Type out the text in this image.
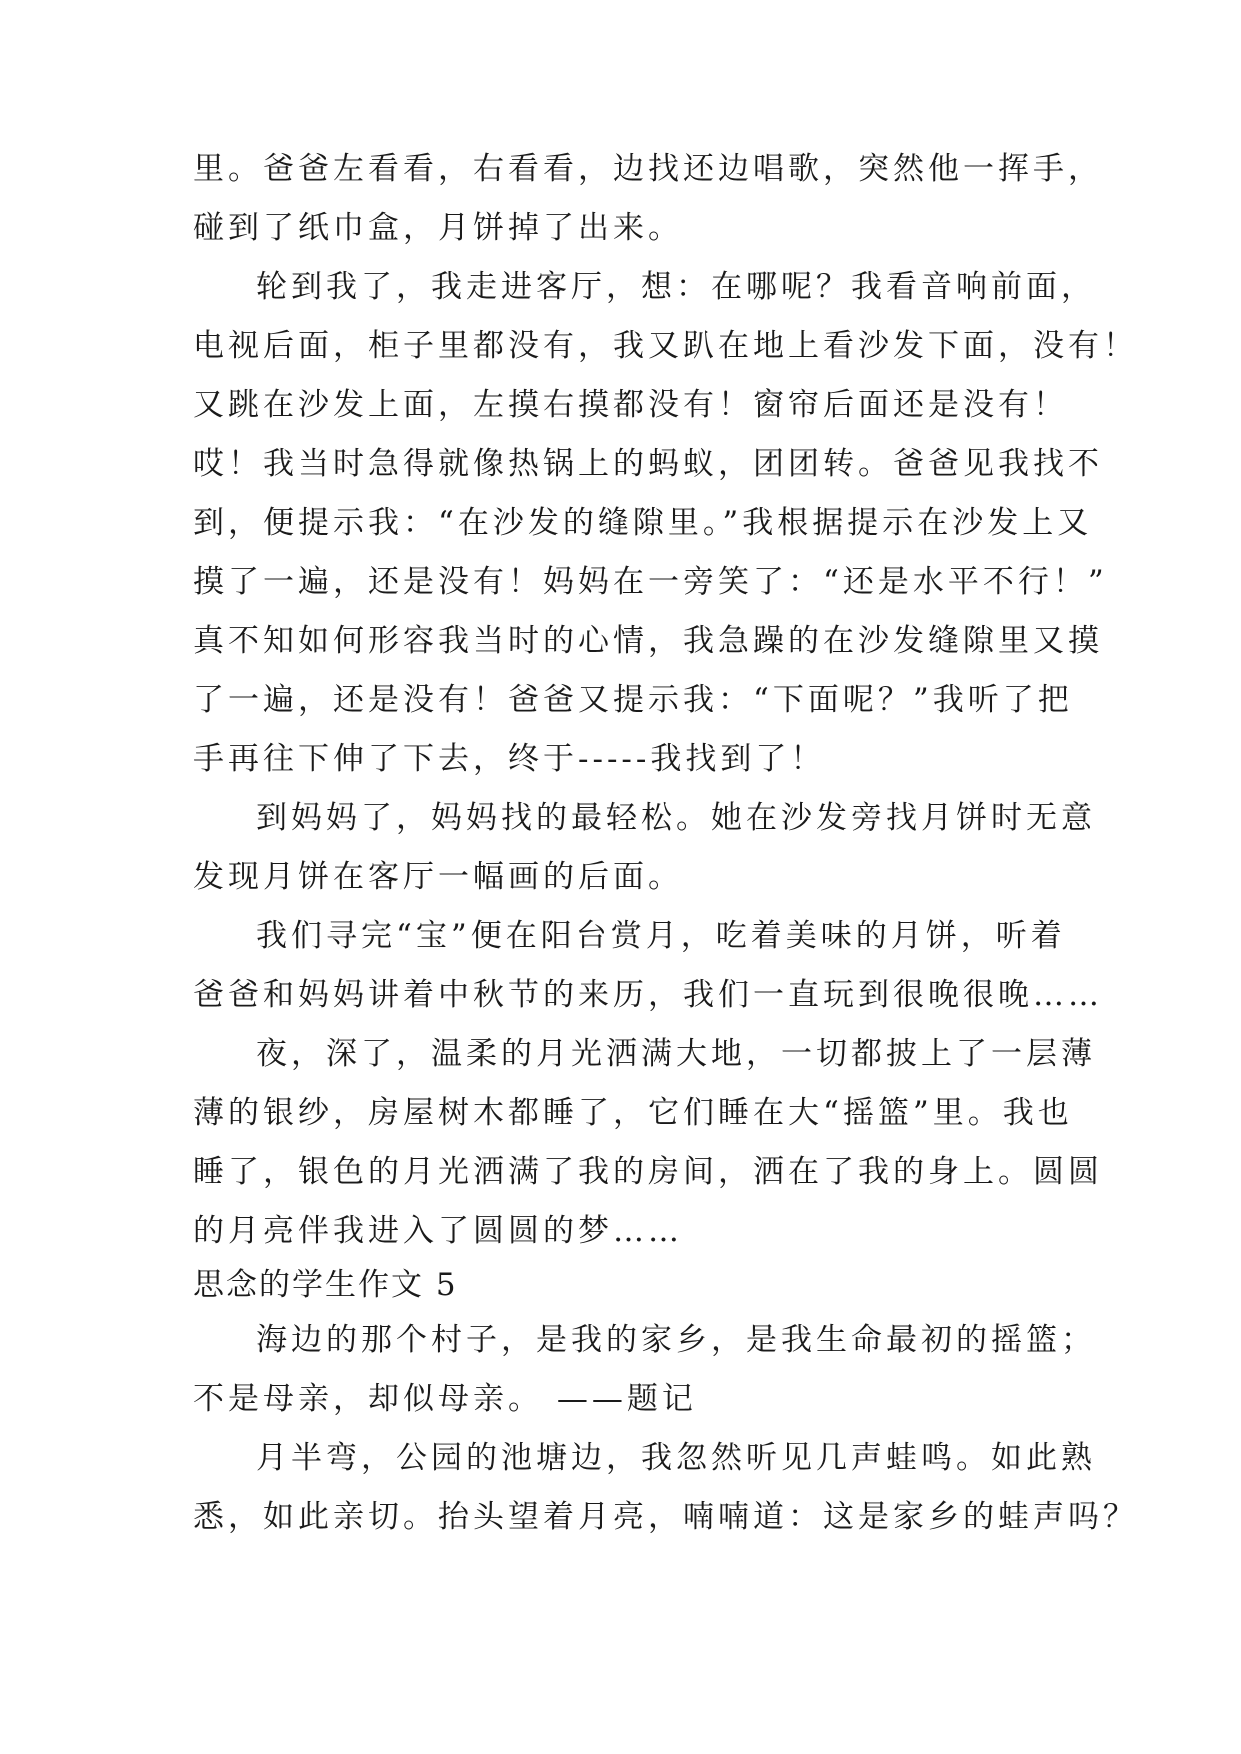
里。爸爸左看看，右看看，边找还边唱歌，突然他一挥手，
碰到了纸巾盒，月饼掉了出来。
轮到我了，我走进客厅，想：在哪呢？我看音响前面，
电视后面，柜子里都没有，我又趴在地上看沙发下面，没有！
又跳在沙发上面，左摸右摸都没有！窗帘后面还是没有！
哎！我当时急得就像热锅上的蚂蚁，团团转。爸爸见我找不
到，便提示我：“在沙发的缝隙里。”我根据提示在沙发上又
摸了一遍，还是没有！妈妈在一旁笑了：“还是水平不行！”
真不知如何形容我当时的心情，我急躁的在沙发缝隙里又摸
了一遍，还是没有！爸爸又提示我：“下面呢？”我听了把
手再往下伸了下去，终于-----我找到了！
到妈妈了，妈妈找的最轻松。她在沙发旁找月饼时无意
发现月饼在客厅一幅画的后面。
我们寻完“宝”便在阳台赏月，吃着美味的月饼，听着
爸爸和妈妈讲着中秋节的来历，我们一直玩到很晚很晚……
夜，深了，温柔的月光洒满大地，一切都披上了一层薄
薄的银纱，房屋树木都睡了，它们睡在大“摇篮”里。我也
睡了，银色的月光洒满了我的房间，洒在了我的身上。圆圆
的月亮伴我进入了圆圆的梦……
思念的学生作文 5
海边的那个村子，是我的家乡，是我生命最初的摇篮；
不是母亲，却似母亲。 ——题记
月半弯，公园的池塘边，我忽然听见几声蛙鸣。如此熟
悉，如此亲切。抬头望着月亮，喃喃道：这是家乡的蛙声吗？
